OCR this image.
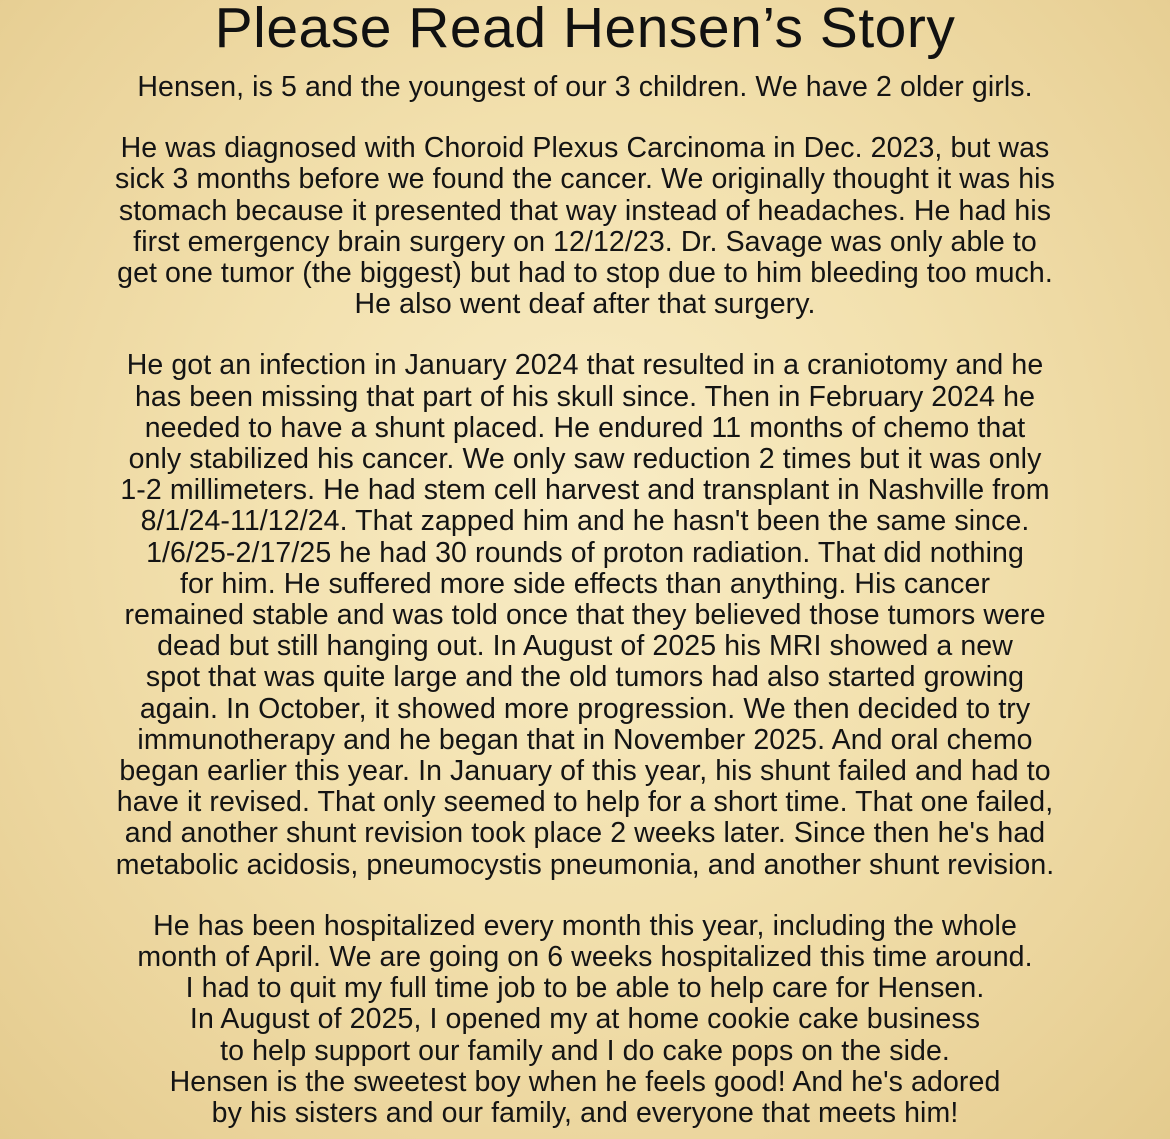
Please Read Hensen’s Story
Hensen, is 5 and the youngest of our 3 children. We have 2 older girls.
He was diagnosed with Choroid Plexus Carcinoma in Dec. 2023, but was
sick 3 months before we found the cancer. We originally thought it was his
stomach because it presented that way instead of headaches. He had his
first emergency brain surgery on 12/12/23. Dr. Savage was only able to
get one tumor (the biggest) but had to stop due to him bleeding too much.
He also went deaf after that surgery.
He got an infection in January 2024 that resulted in a craniotomy and he
has been missing that part of his skull since. Then in February 2024 he
needed to have a shunt placed. He endured 11 months of chemo that
only stabilized his cancer. We only saw reduction 2 times but it was only
1-2 millimeters. He had stem cell harvest and transplant in Nashville from
8/1/24-11/12/24. That zapped him and he hasn't been the same since.
1/6/25-2/17/25 he had 30 rounds of proton radiation. That did nothing
for him. He suffered more side effects than anything. His cancer
remained stable and was told once that they believed those tumors were
dead but still hanging out. In August of 2025 his MRI showed a new
spot that was quite large and the old tumors had also started growing
again. In October, it showed more progression. We then decided to try
immunotherapy and he began that in November 2025. And oral chemo
began earlier this year. In January of this year, his shunt failed and had to
have it revised. That only seemed to help for a short time. That one failed,
and another shunt revision took place 2 weeks later. Since then he's had
metabolic acidosis, pneumocystis pneumonia, and another shunt revision.
He has been hospitalized every month this year, including the whole
month of April. We are going on 6 weeks hospitalized this time around.
I had to quit my full time job to be able to help care for Hensen.
In August of 2025, I opened my at home cookie cake business
to help support our family and I do cake pops on the side.
Hensen is the sweetest boy when he feels good! And he's adored
by his sisters and our family, and everyone that meets him!
